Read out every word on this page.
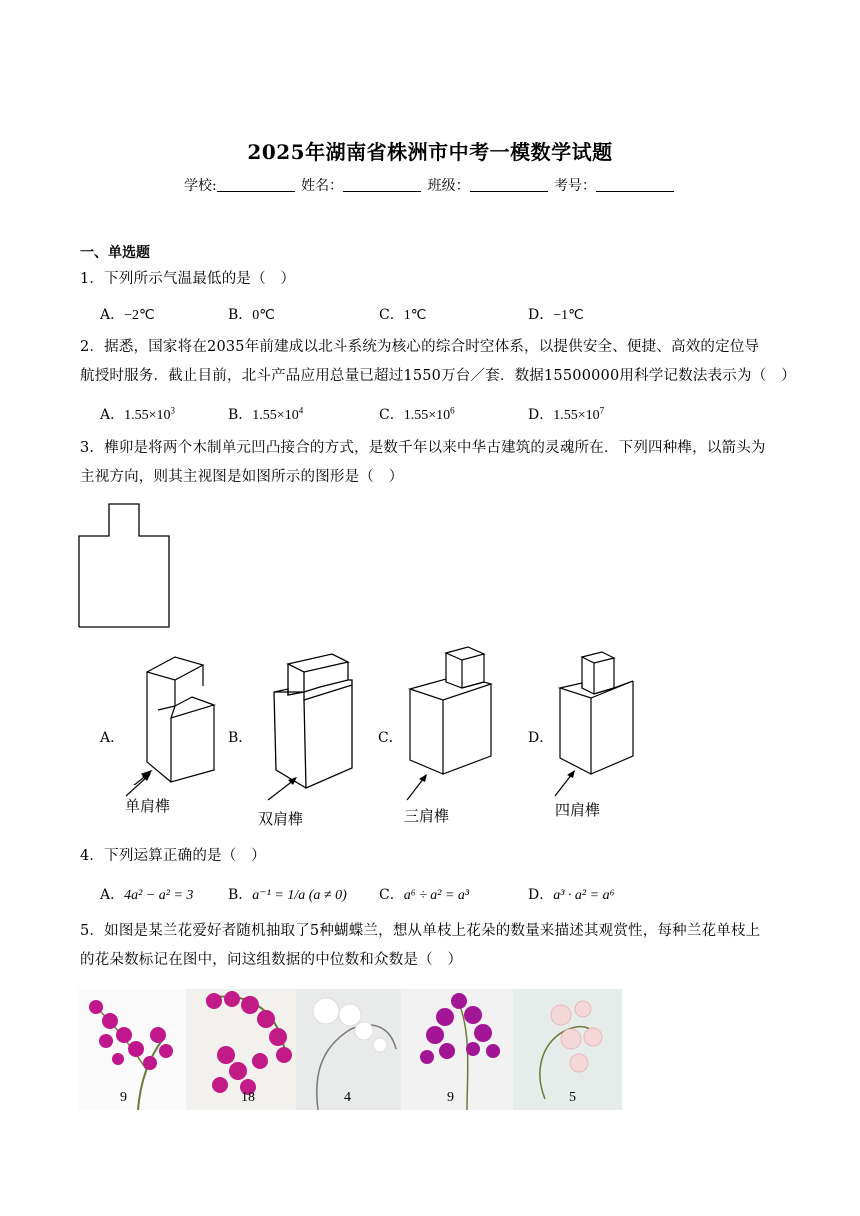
2025年湖南省株洲市中考一模数学试题
学校:	姓名：	班级：	考号：
一、单选题
1．下列所示气温最低的是（　）
A．−2℃	B．0℃	C．1℃	D．−1℃
2．据悉，国家将在2035年前建成以北斗系统为核心的综合时空体系，以提供安全、便捷、高效的定位导
航授时服务．截止目前，北斗产品应用总量已超过1550万台／套．数据15500000用科学记数法表示为（　）
A．$1.55\times 10^3$	B．$1.55\times 10^4$	C．$1.55\times 10^6$	D．$1.55\times 10^7$
3．榫卯是将两个木制单元凹凸接合的方式，是数千年以来中华古建筑的灵魂所在．下列四种榫，以箭头为
主视方向，则其主视图是如图所示的图形是（　）
A．	B．	C．	D．
单肩榫
双肩榫	三肩榫	四肩榫
4．下列运算正确的是（　）
A．4a² − a² = 3 B．a⁻¹ = 1/a (a ≠ 0) C．a⁶ ÷ a² = a³	D．a³ · a² = a⁶
5．如图是某兰花爱好者随机抽取了5种蝴蝶兰，想从单枝上花朵的数量来描述其观赏性，每种兰花单枝上
的花朵数标记在图中，问这组数据的中位数和众数是（　）
9	18	4	9	5
